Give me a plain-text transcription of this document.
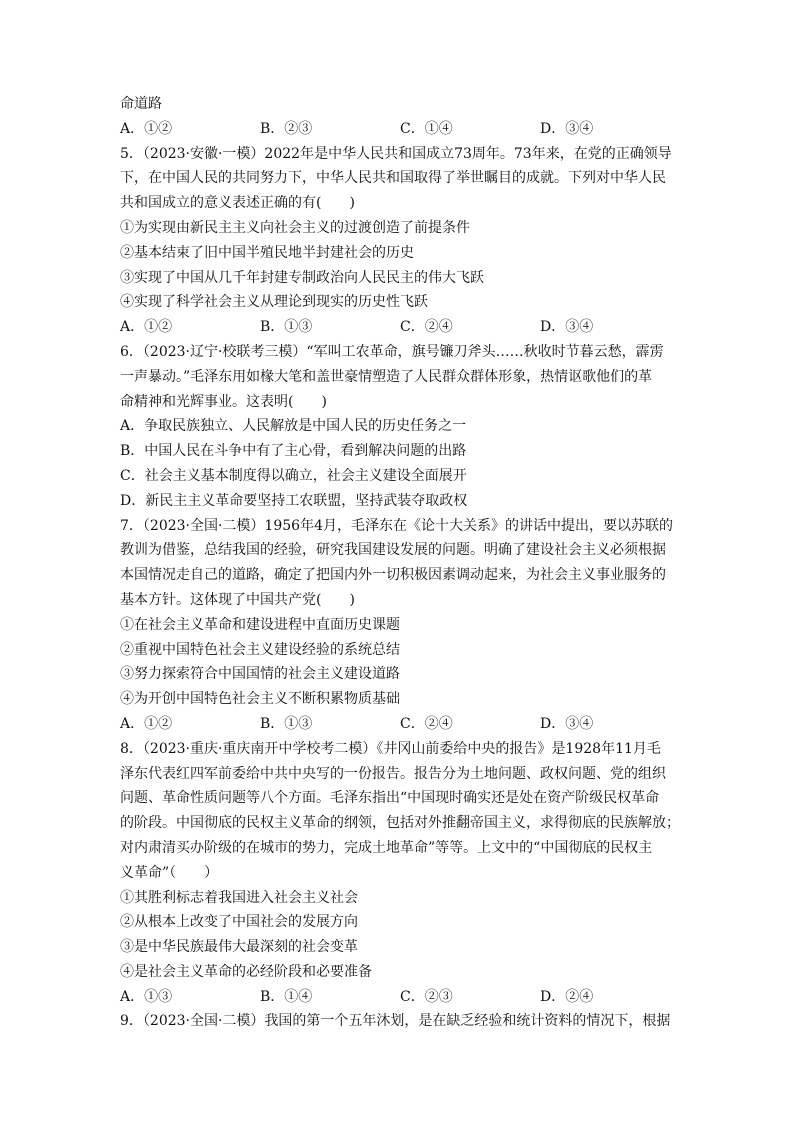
命道路
A．①②	B．②③	C．①④	D．③④
5．（2023·安徽·一模）2022年是中华人民共和国成立73周年。73年来，在党的正确领导
下，在中国人民的共同努力下，中华人民共和国取得了举世瞩目的成就。下列对中华人民
共和国成立的意义表述正确的有(　　)
①为实现由新民主主义向社会主义的过渡创造了前提条件
②基本结束了旧中国半殖民地半封建社会的历史
③实现了中国从几千年封建专制政治向人民民主的伟大飞跃
④实现了科学社会主义从理论到现实的历史性飞跃
A．①②	B．①③	C．②④	D．③④
6．（2023·辽宁·校联考三模）“军叫工农革命，旗号镰刀斧头……秋收时节暮云愁，霹雳
一声暴动。”毛泽东用如椽大笔和盖世豪情塑造了人民群众群体形象，热情讴歌他们的革
命精神和光辉事业。这表明(　　)
A．争取民族独立、人民解放是中国人民的历史任务之一
B．中国人民在斗争中有了主心骨，看到解决问题的出路
C．社会主义基本制度得以确立，社会主义建设全面展开
D．新民主主义革命要坚持工农联盟，坚持武装夺取政权
7．（2023·全国·二模）1956年4月，毛泽东在《论十大关系》的讲话中提出，要以苏联的
教训为借鉴，总结我国的经验，研究我国建设发展的问题。明确了建设社会主义必须根据
本国情况走自己的道路，确定了把国内外一切积极因素调动起来，为社会主义事业服务的
基本方针。这体现了中国共产党(　　)
①在社会主义革命和建设进程中直面历史课题
②重视中国特色社会主义建设经验的系统总结
③努力探索符合中国国情的社会主义建设道路
④为开创中国特色社会主义不断积累物质基础
A．①②	B．①③	C．②④	D．③④
8．（2023·重庆·重庆南开中学校考二模）《井冈山前委给中央的报告》是1928年11月毛
泽东代表红四军前委给中共中央写的一份报告。报告分为土地问题、政权问题、党的组织
问题、革命性质问题等八个方面。毛泽东指出“中国现时确实还是处在资产阶级民权革命
的阶段。中国彻底的民权主义革命的纲领，包括对外推翻帝国主义，求得彻底的民族解放；
对内肃清买办阶级的在城市的势力，完成土地革命”等等。上文中的“中国彻底的民权主
义革命”（　　）
①其胜利标志着我国进入社会主义社会
②从根本上改变了中国社会的发展方向
③是中华民族最伟大最深刻的社会变革
④是社会主义革命的必经阶段和必要准备
A．①③	B．①④	C．②③	D．②④
9．（2023·全国·二模）我国的第一个五年沐划，是在缺乏经验和统计资料的情况下，根据
